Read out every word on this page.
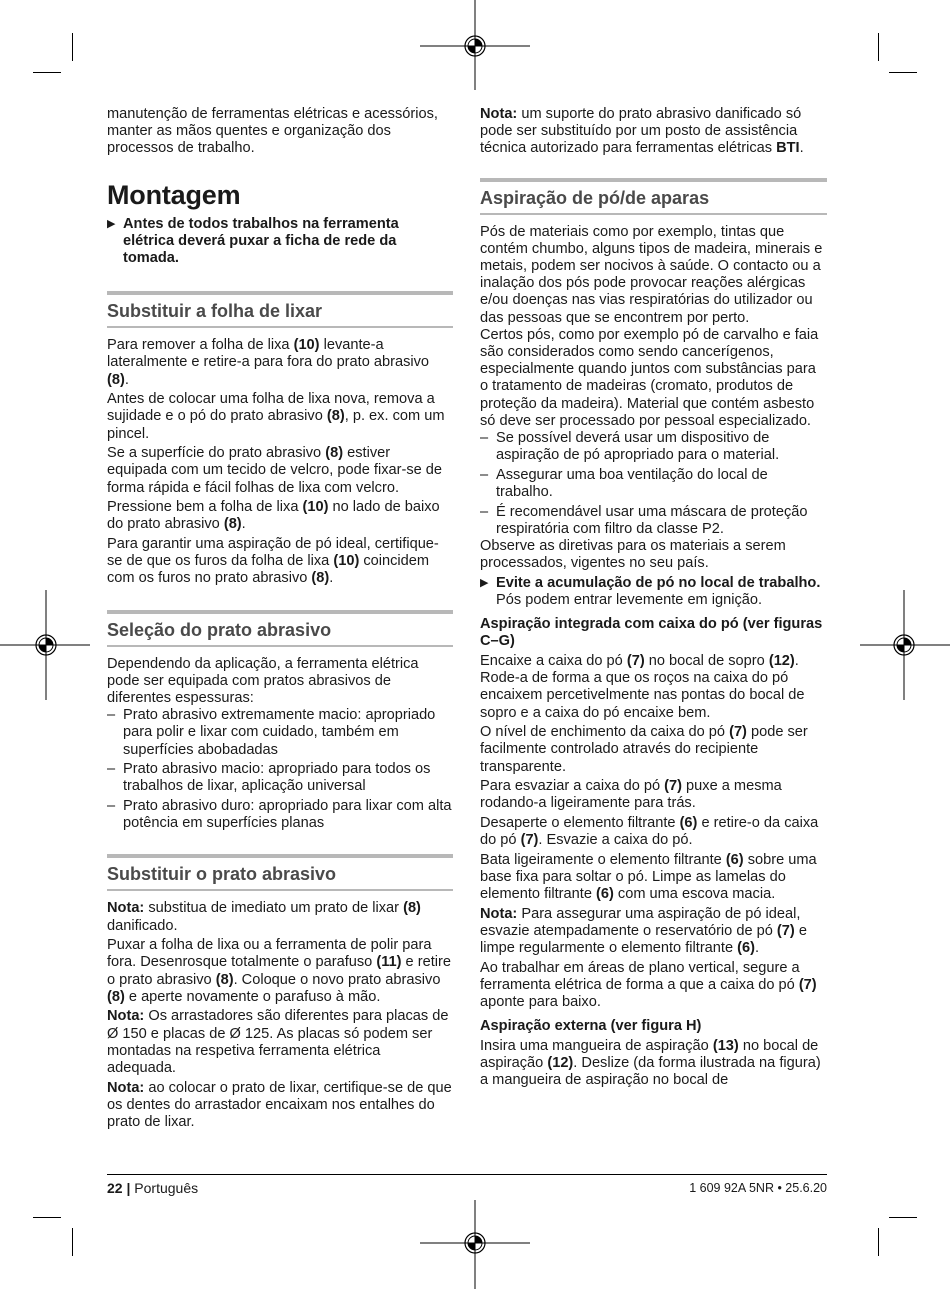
manutenção de ferramentas elétricas e acessórios, manter as mãos quentes e organização dos processos de trabalho.

Montagem

▶ Antes de todos trabalhos na ferramenta elétrica deverá puxar a ficha de rede da tomada.

Substituir a folha de lixar

Para remover a folha de lixa (10) levante-a lateralmente e retire-a para fora do prato abrasivo (8).

Antes de colocar uma folha de lixa nova, remova a sujidade e o pó do prato abrasivo (8), p. ex. com um pincel.

Se a superfície do prato abrasivo (8) estiver equipada com um tecido de velcro, pode fixar-se de forma rápida e fácil folhas de lixa com velcro.

Pressione bem a folha de lixa (10) no lado de baixo do prato abrasivo (8).

Para garantir uma aspiração de pó ideal, certifique-se de que os furos da folha de lixa (10) coincidem com os furos no prato abrasivo (8).

Seleção do prato abrasivo

Dependendo da aplicação, a ferramenta elétrica pode ser equipada com pratos abrasivos de diferentes espessuras:

– Prato abrasivo extremamente macio: apropriado para polir e lixar com cuidado, também em superfícies abobadadas
– Prato abrasivo macio: apropriado para todos os trabalhos de lixar, aplicação universal
– Prato abrasivo duro: apropriado para lixar com alta potência em superfícies planas
Substituir o prato abrasivo

Nota: substitua de imediato um prato de lixar (8) danificado.

Puxar a folha de lixa ou a ferramenta de polir para fora. Desenrosque totalmente o parafuso (11) e retire o prato abrasivo (8). Coloque o novo prato abrasivo (8) e aperte novamente o parafuso à mão.

Nota: Os arrastadores são diferentes para placas de Ø 150 e placas de Ø 125. As placas só podem ser montadas na respetiva ferramenta elétrica adequada.

Nota: ao colocar o prato de lixar, certifique-se de que os dentes do arrastador encaixam nos entalhes do prato de lixar.

Nota: um suporte do prato abrasivo danificado só pode ser substituído por um posto de assistência técnica autorizado para ferramentas elétricas BTI.

Aspiração de pó/de aparas

Pós de materiais como por exemplo, tintas que contém chumbo, alguns tipos de madeira, minerais e metais, podem ser nocivos à saúde. O contacto ou a inalação dos pós pode provocar reações alérgicas e/ou doenças nas vias respiratórias do utilizador ou das pessoas que se encontrem por perto.

Certos pós, como por exemplo pó de carvalho e faia são considerados como sendo cancerígenos, especialmente quando juntos com substâncias para o tratamento de madeiras (cromato, produtos de proteção da madeira). Material que contém asbesto só deve ser processado por pessoal especializado.

– Se possível deverá usar um dispositivo de aspiração de pó apropriado para o material.
– Assegurar uma boa ventilação do local de trabalho.
– É recomendável usar uma máscara de proteção respiratória com filtro da classe P2.

Observe as diretivas para os materiais a serem processados, vigentes no seu país.

▶ Evite a acumulação de pó no local de trabalho. Pós podem entrar levemente em ignição.

Aspiração integrada com caixa do pó (ver figuras C–G)

Encaixe a caixa do pó (7) no bocal de sopro (12). Rode-a de forma a que os roços na caixa do pó encaixem percetivelmente nas pontas do bocal de sopro e a caixa do pó encaixe bem.

O nível de enchimento da caixa do pó (7) pode ser facilmente controlado através do recipiente transparente.

Para esvaziar a caixa do pó (7) puxe a mesma rodando-a ligeiramente para trás.

Desaperte o elemento filtrante (6) e retire-o da caixa do pó (7). Esvazie a caixa do pó.

Bata ligeiramente o elemento filtrante (6) sobre uma base fixa para soltar o pó. Limpe as lamelas do elemento filtrante (6) com uma escova macia.

Nota: Para assegurar uma aspiração de pó ideal, esvazie atempadamente o reservatório de pó (7) e limpe regularmente o elemento filtrante (6).

Ao trabalhar em áreas de plano vertical, segure a ferramenta elétrica de forma a que a caixa do pó (7) aponte para baixo.

Aspiração externa (ver figura H)

Insira uma mangueira de aspiração (13) no bocal de aspiração (12). Deslize (da forma ilustrada na figura) a mangueira de aspiração no bocal de

22 | Português	1 609 92A 5NR • 25.6.20
